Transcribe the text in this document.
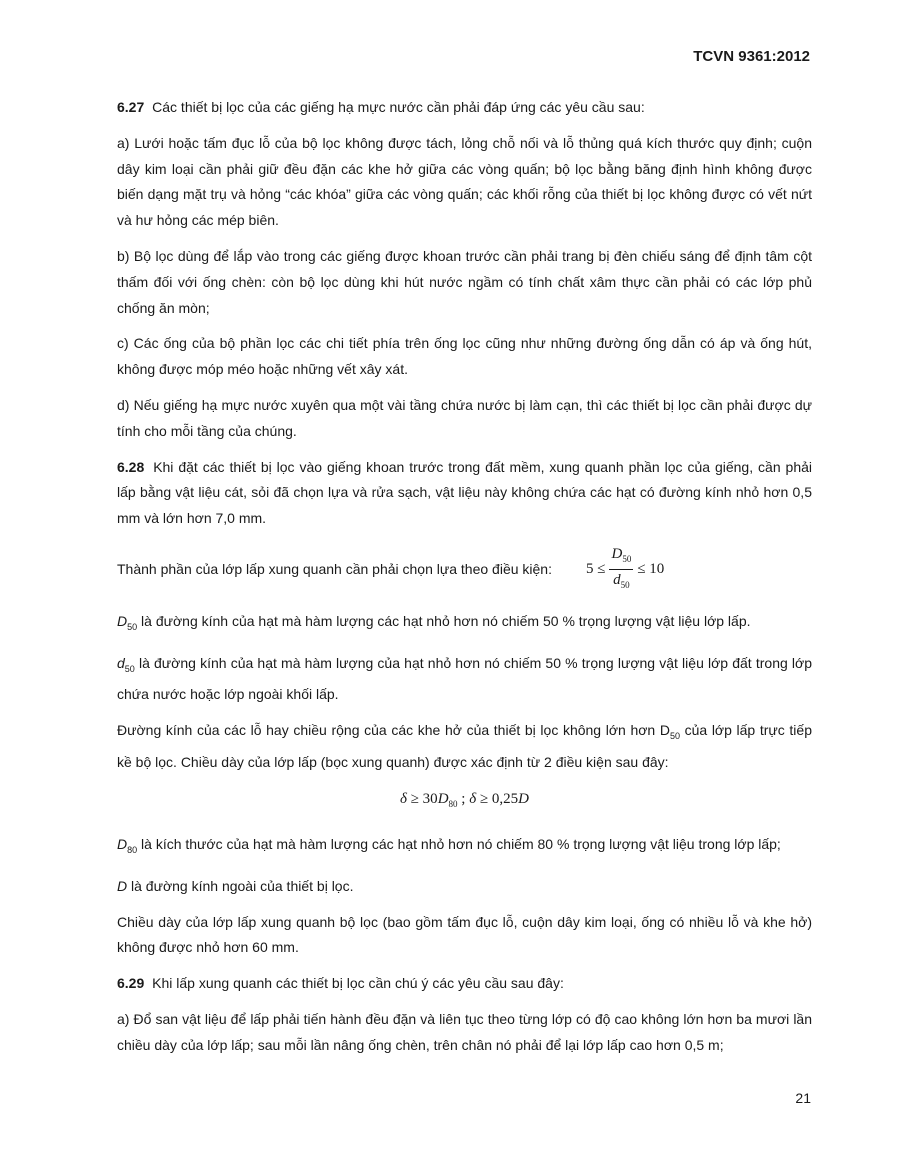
TCVN 9361:2012

6.27 Các thiết bị lọc của các giếng hạ mực nước cần phải đáp ứng các yêu cầu sau:

a) Lưới hoặc tấm đục lỗ của bộ lọc không được tách, lỏng chỗ nối và lỗ thủng quá kích thước quy định; cuộn dây kim loại cần phải giữ đều đặn các khe hở giữa các vòng quấn; bộ lọc bằng băng định hình không được biến dạng mặt trụ và hỏng “các khóa” giữa các vòng quấn; các khối rỗng của thiết bị lọc không được có vết nứt và hư hỏng các mép biên.

b) Bộ lọc dùng để lắp vào trong các giếng được khoan trước cần phải trang bị đèn chiếu sáng để định tâm cột thấm đối với ống chèn: còn bộ lọc dùng khi hút nước ngầm có tính chất xâm thực cần phải có các lớp phủ chống ăn mòn;

c) Các ống của bộ phần lọc các chi tiết phía trên ống lọc cũng như những đường ống dẫn có áp và ống hút, không được móp méo hoặc những vết xây xát.

d) Nếu giếng hạ mực nước xuyên qua một vài tầng chứa nước bị làm cạn, thì các thiết bị lọc cần phải được dự tính cho mỗi tầng của chúng.

6.28 Khi đặt các thiết bị lọc vào giếng khoan trước trong đất mềm, xung quanh phần lọc của giếng, cần phải lấp bằng vật liệu cát, sỏi đã chọn lựa và rửa sạch, vật liệu này không chứa các hạt có đường kính nhỏ hơn 0,5 mm và lớn hơn 7,0 mm.

Thành phần của lớp lấp xung quanh cần phải chọn lựa theo điều kiện: $5 \le \frac{D_{50}}{d_{50}} \le 10$

$D_{50}$ là đường kính của hạt mà hàm lượng các hạt nhỏ hơn nó chiếm 50 % trọng lượng vật liệu lớp lấp.

$d_{50}$ là đường kính của hạt mà hàm lượng của hạt nhỏ hơn nó chiếm 50 % trọng lượng vật liệu lớp đất trong lớp chứa nước hoặc lớp ngoài khối lấp.

Đường kính của các lỗ hay chiều rộng của các khe hở của thiết bị lọc không lớn hơn $D_{50}$ của lớp lấp trực tiếp kề bộ lọc. Chiều dày của lớp lấp (bọc xung quanh) được xác định từ 2 điều kiện sau đây:

$\delta \ge 30D_{80}$ ; δ ≥ 0,25D

$D_{80}$ là kích thước của hạt mà hàm lượng các hạt nhỏ hơn nó chiếm 80 % trọng lượng vật liệu trong lớp lấp;

D là đường kính ngoài của thiết bị lọc.

Chiều dày của lớp lấp xung quanh bộ lọc (bao gồm tấm đục lỗ, cuộn dây kim loại, ống có nhiều lỗ và khe hở) không được nhỏ hơn 60 mm.

6.29 Khi lấp xung quanh các thiết bị lọc cần chú ý các yêu cầu sau đây:

a) Đổ san vật liệu để lấp phải tiến hành đều đặn và liên tục theo từng lớp có độ cao không lớn hơn ba mươi lần chiều dày của lớp lấp; sau mỗi lần nâng ống chèn, trên chân nó phải để lại lớp lấp cao hơn 0,5 m;

21
